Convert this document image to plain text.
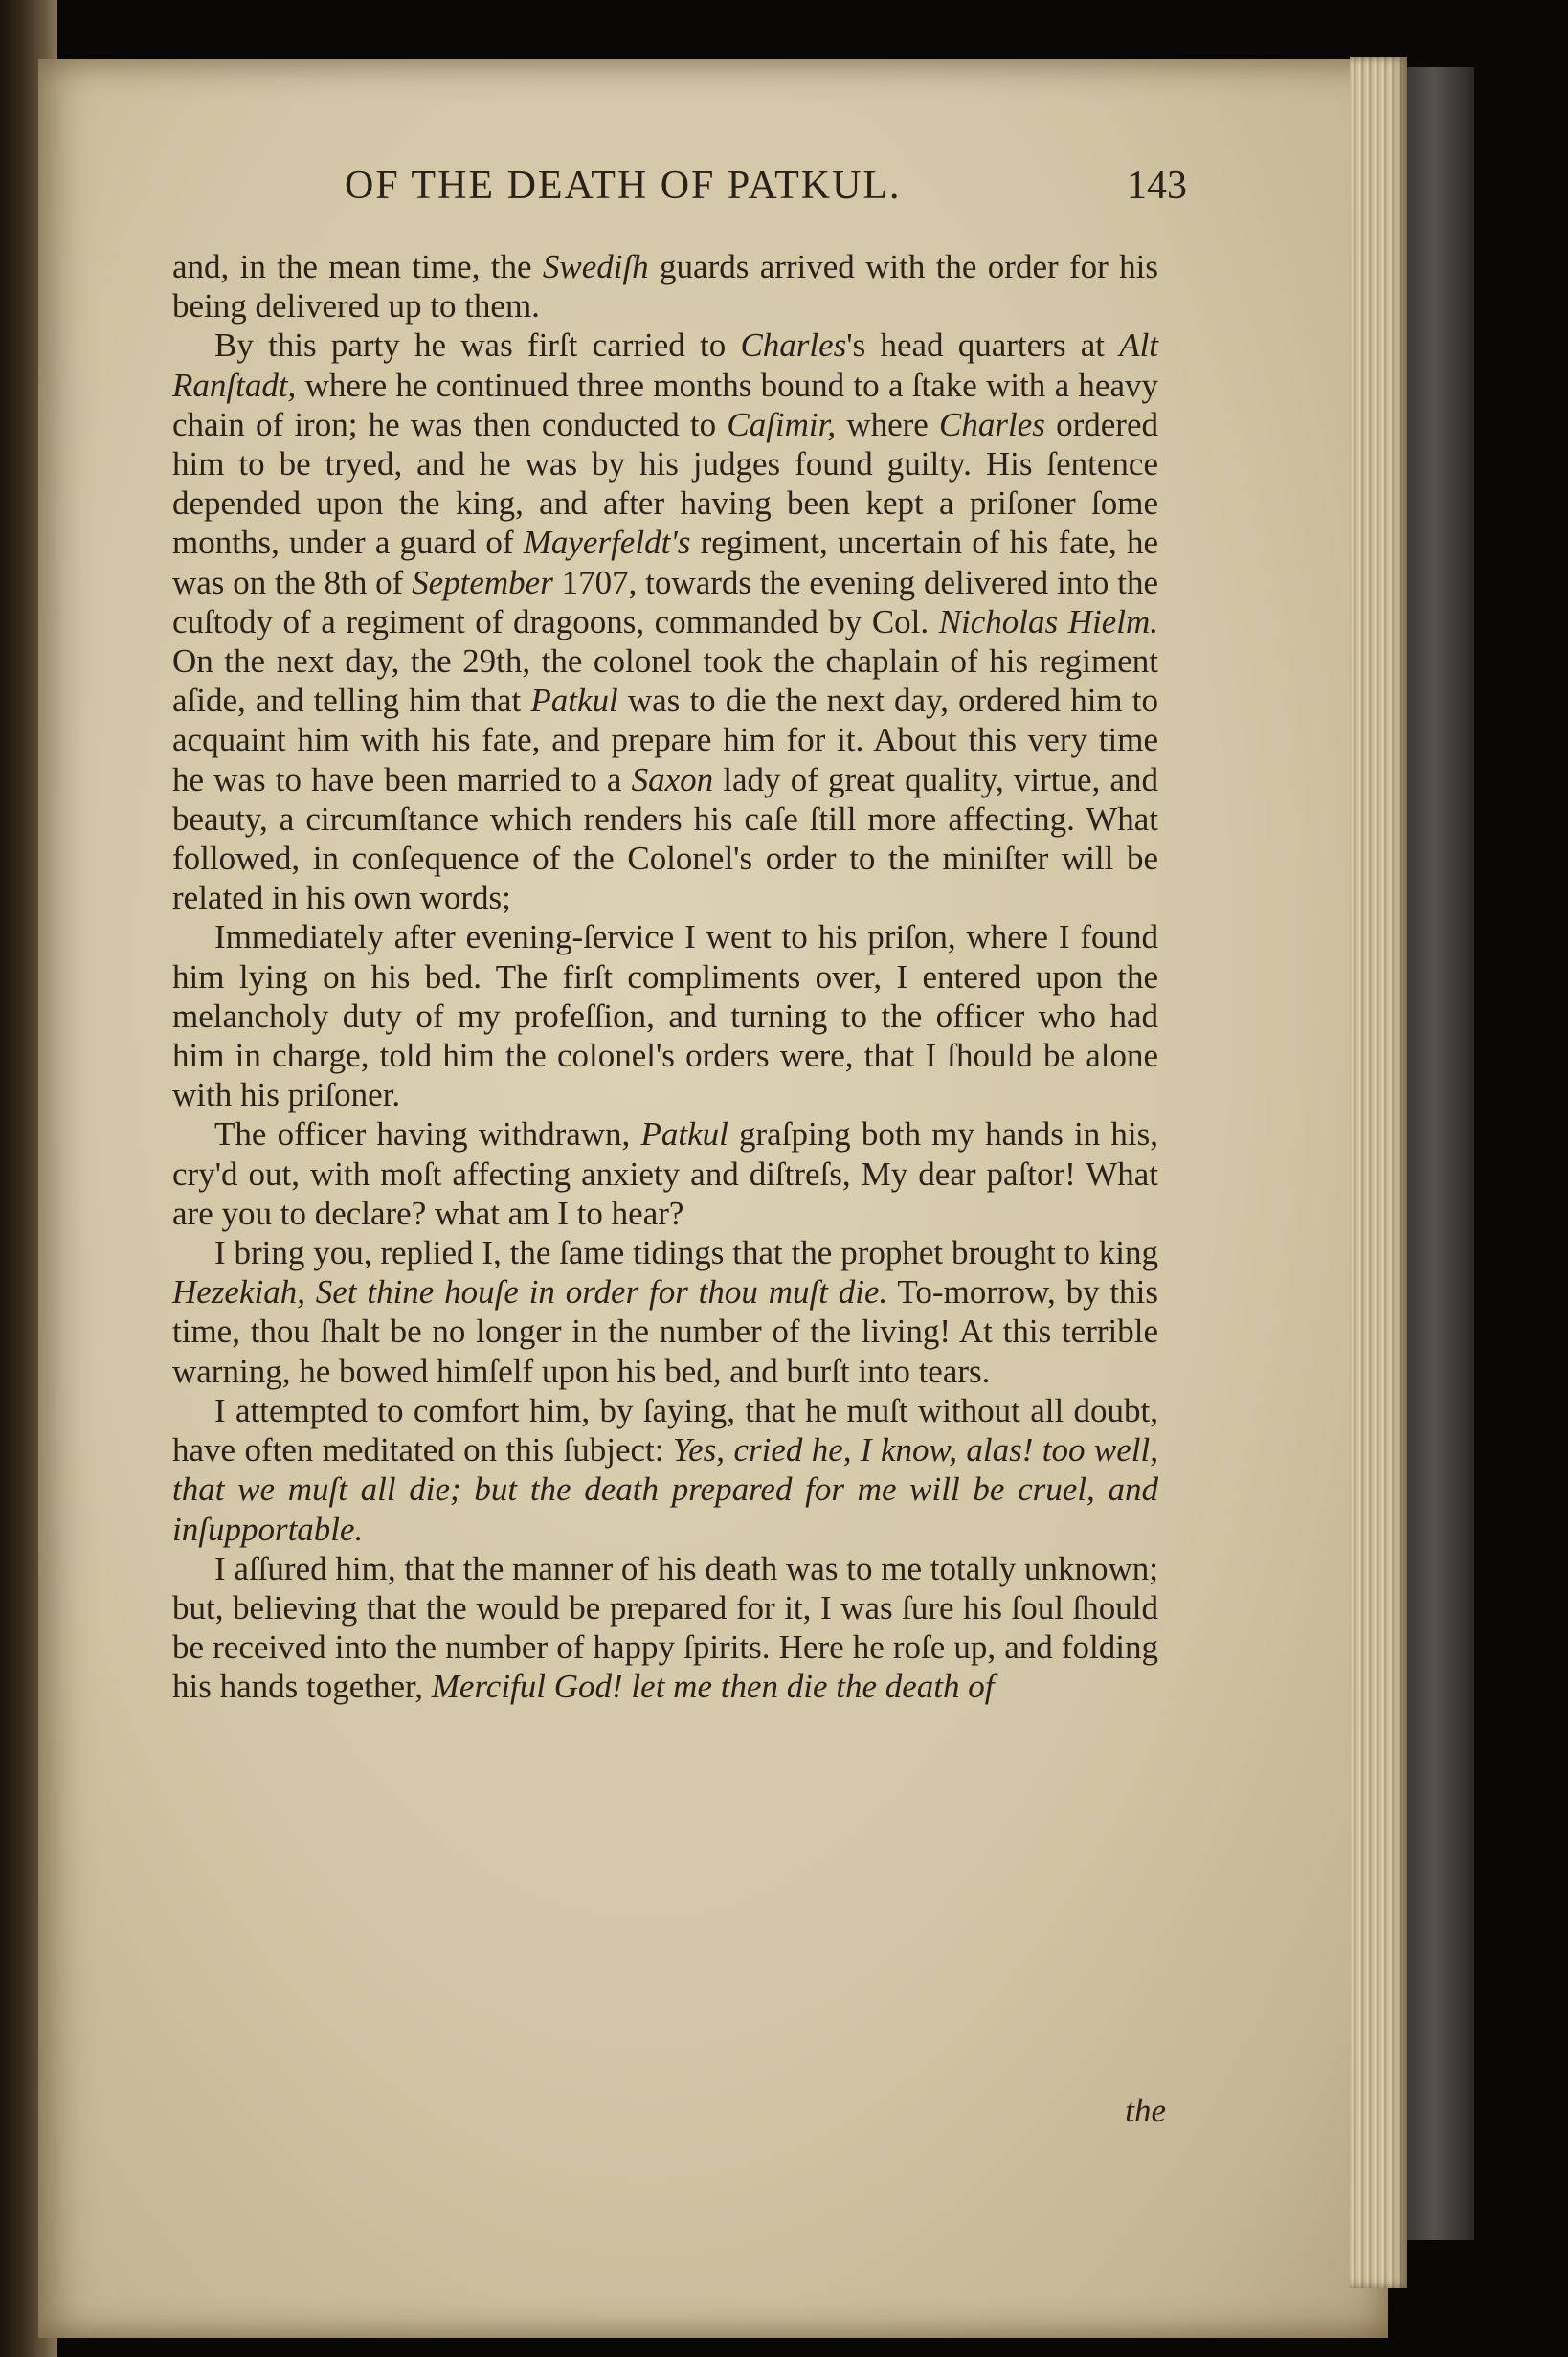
OF THE DEATH OF PATKUL.	143

and, in the mean time, the Swediſh guards arrived with the order for his being delivered up to them.

By this party he was firſt carried to Charles's head quarters at Alt Ranſtadt, where he continued three months bound to a ſtake with a heavy chain of iron; he was then conducted to Caſimir, where Charles ordered him to be tryed, and he was by his judges found guilty. His ſentence depended upon the king, and after having been kept a priſoner ſome months, under a guard of Mayerfeldt's regiment, uncertain of his fate, he was on the 8th of September 1707, towards the evening delivered into the cuſtody of a regiment of dragoons, commanded by Col. Nicholas Hielm. On the next day, the 29th, the colonel took the chaplain of his regiment aſide, and telling him that Patkul was to die the next day, ordered him to acquaint him with his fate, and prepare him for it. About this very time he was to have been married to a Saxon lady of great quality, virtue, and beauty, a circumſtance which renders his caſe ſtill more affecting. What followed, in conſequence of the Colonel's order to the miniſter will be related in his own words;

Immediately after evening-ſervice I went to his priſon, where I found him lying on his bed. The firſt compliments over, I entered upon the melancholy duty of my profeſſion, and turning to the officer who had him in charge, told him the colonel's orders were, that I ſhould be alone with his priſoner.

The officer having withdrawn, Patkul graſping both my hands in his, cry'd out, with moſt affecting anxiety and diſtreſs, My dear paſtor! What are you to declare? what am I to hear?

I bring you, replied I, the ſame tidings that the prophet brought to king Hezekiah, Set thine houſe in order for thou muſt die. To-morrow, by this time, thou ſhalt be no longer in the number of the living! At this terrible warning, he bowed himſelf upon his bed, and burſt into tears.

I attempted to comfort him, by ſaying, that he muſt without all doubt, have often meditated on this ſubject: Yes, cried he, I know, alas! too well, that we muſt all die; but the death prepared for me will be cruel, and inſupportable.

I aſſured him, that the manner of his death was to me totally unknown; but, believing that the would be prepared for it, I was ſure his ſoul ſhould be received into the number of happy ſpirits. Here he roſe up, and folding his hands together, Merciful God! let me then die the death of

the
